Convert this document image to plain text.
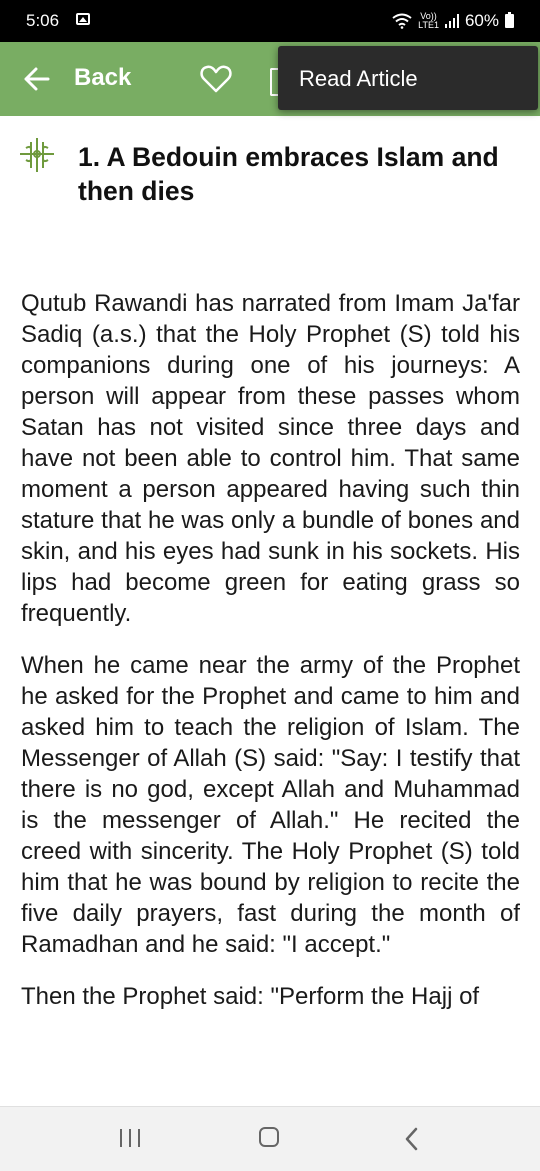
5:06	Vo))
LTE1 60%
Back	Read Article
1. A Bedouin embraces Islam and then dies

Qutub Rawandi has narrated from Imam Ja'far Sadiq (a.s.) that the Holy Prophet (S) told his companions during one of his journeys: A person will appear from these passes whom Satan has not visited since three days and have not been able to control him. That same moment a person appeared having such thin stature that he was only a bundle of bones and skin, and his eyes had sunk in his sockets. His lips had become green for eating grass so frequently.

When he came near the army of the Prophet he asked for the Prophet and came to him and asked him to teach the religion of Islam. The Messenger of Allah (S) said: "Say: I testify that there is no god, except Allah and Muhammad is the messenger of Allah." He recited the creed with sincerity. The Holy Prophet (S) told him that he was bound by religion to recite the five daily prayers, fast during the month of Ramadhan and he said: "I accept."

Then the Prophet said: "Perform the Hajj of
